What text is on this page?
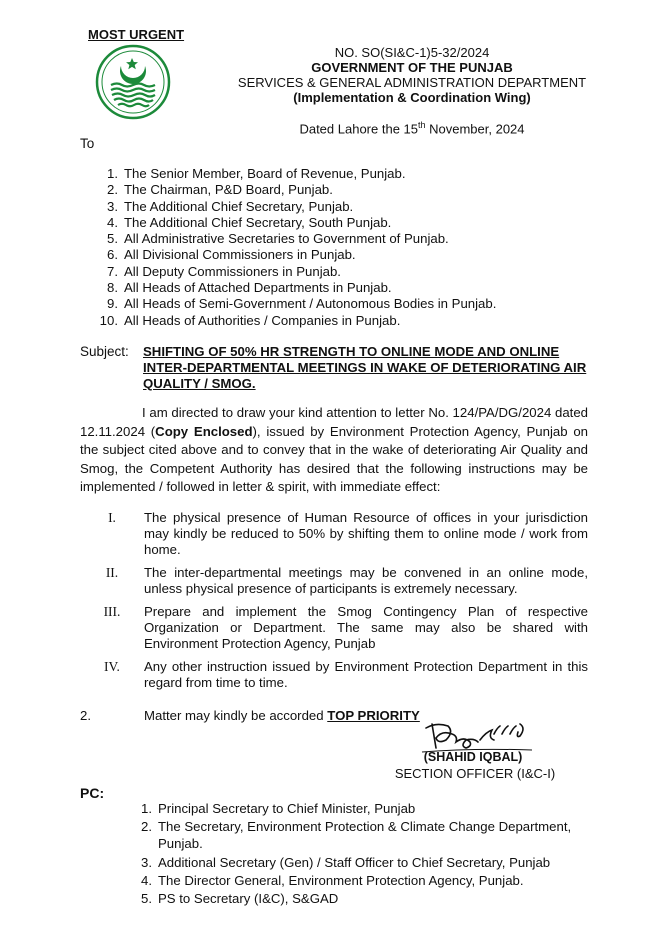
MOST URGENT
NO. SO(SI&C-1)5-32/2024
GOVERNMENT OF THE PUNJAB
SERVICES & GENERAL ADMINISTRATION DEPARTMENT
(Implementation & Coordination Wing)
Dated Lahore the 15th November, 2024
To
1. The Senior Member, Board of Revenue, Punjab.
2. The Chairman, P&D Board, Punjab.
3. The Additional Chief Secretary, Punjab.
4. The Additional Chief Secretary, South Punjab.
5. All Administrative Secretaries to Government of Punjab.
6. All Divisional Commissioners in Punjab.
7. All Deputy Commissioners in Punjab.
8. All Heads of Attached Departments in Punjab.
9. All Heads of Semi-Government / Autonomous Bodies in Punjab.
10. All Heads of Authorities / Companies in Punjab.
Subject: SHIFTING OF 50% HR STRENGTH TO ONLINE MODE AND ONLINE INTER-DEPARTMENTAL MEETINGS IN WAKE OF DETERIORATING AIR QUALITY / SMOG.
I am directed to draw your kind attention to letter No. 124/PA/DG/2024 dated 12.11.2024 (Copy Enclosed), issued by Environment Protection Agency, Punjab on the subject cited above and to convey that in the wake of deteriorating Air Quality and Smog, the Competent Authority has desired that the following instructions may be implemented / followed in letter & spirit, with immediate effect:
I.	The physical presence of Human Resource of offices in your jurisdiction may kindly be reduced to 50% by shifting them to online mode / work from home.
II.	The inter-departmental meetings may be convened in an online mode, unless physical presence of participants is extremely necessary.
III.	Prepare and implement the Smog Contingency Plan of respective Organization or Department. The same may also be shared with Environment Protection Agency, Punjab
IV.	Any other instruction issued by Environment Protection Department in this regard from time to time.
2.	Matter may kindly be accorded TOP PRIORITY
(SHAHID IQBAL)
SECTION OFFICER (I&C-I)
PC:
1. Principal Secretary to Chief Minister, Punjab
2. The Secretary, Environment Protection & Climate Change Department, Punjab.
3. Additional Secretary (Gen) / Staff Officer to Chief Secretary, Punjab
4. The Director General, Environment Protection Agency, Punjab.
5. PS to Secretary (I&C), S&GAD
